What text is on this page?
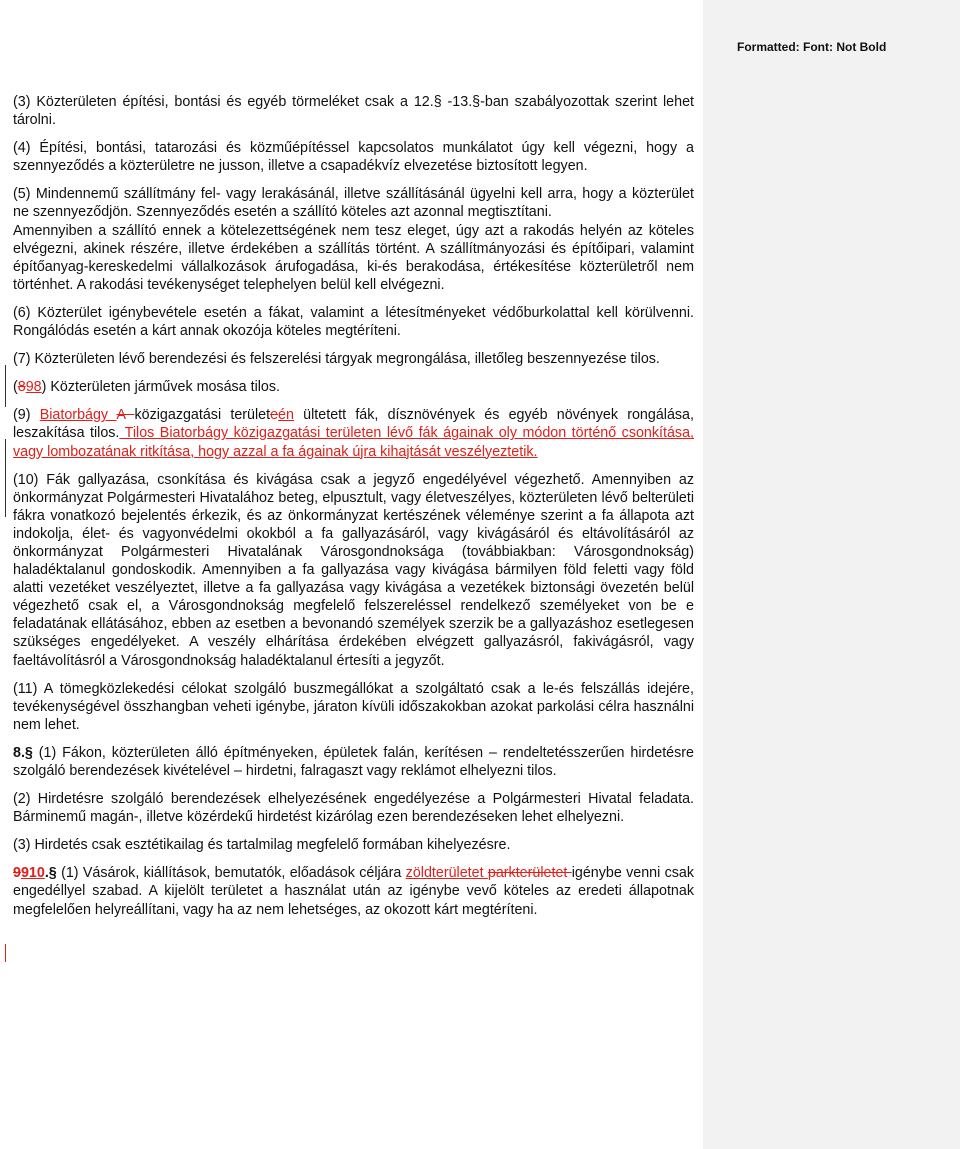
Formatted: Font: Not Bold

(3) Közterületen építési, bontási és egyéb törmeléket csak a 12.§ -13.§-ban szabályozottak szerint lehet tárolni.

(4) Építési, bontási, tatarozási és közműépítéssel kapcsolatos munkálatot úgy kell végezni, hogy a szennyeződés a közterületre ne jusson, illetve a csapadékvíz elvezetése biztosított legyen.

(5) Mindennemű szállítmány fel- vagy lerakásánál, illetve szállításánál ügyelni kell arra, hogy a közterület ne szennyeződjön. Szennyeződés esetén a szállító köteles azt azonnal megtisztítani.

Amennyiben a szállító ennek a kötelezettségének nem tesz eleget, úgy azt a rakodás helyén az köteles elvégezni, akinek részére, illetve érdekében a szállítás történt. A szállítmányozási és építőipari, valamint építőanyag-kereskedelmi vállalkozások árufogadása, ki-és berakodása, értékesítése közterületről nem történhet. A rakodási tevékenységet telephelyen belül kell elvégezni.

(6) Közterület igénybevétele esetén a fákat, valamint a létesítményeket védőburkolattal kell körülvenni. Rongálódás esetén a kárt annak okozója köteles megtéríteni.

(7) Közterületen lévő berendezési és felszerelési tárgyak megrongálása, illetőleg beszennyezése tilos.

(898) Közterületen járművek mosása tilos.

(9) Biatorbágy A közigazgatási területeén ültetett fák, dísznövények és egyéb növények rongálása, leszakítása tilos. Tilos Biatorbágy közigazgatási területen lévő fák ágainak oly módon történő csonkítása, vagy lombozatának ritkítása, hogy azzal a fa ágainak újra kihajtását veszélyeztetik.

(10) Fák gallyazása, csonkítása és kivágása csak a jegyző engedélyével végezhető. Amennyiben az önkormányzat Polgármesteri Hivatalához beteg, elpusztult, vagy életveszélyes, közterületen lévő belterületi fákra vonatkozó bejelentés érkezik, és az önkormányzat kertészének véleménye szerint a fa állapota azt indokolja, élet- és vagyonvédelmi okokból a fa gallyazásáról, vagy kivágásáról és eltávolításáról az önkormányzat Polgármesteri Hivatalának Városgondnoksága (továbbiakban: Városgondnokság) haladéktalanul gondoskodik. Amennyiben a fa gallyazása vagy kivágása bármilyen föld feletti vagy föld alatti vezetéket veszélyeztet, illetve a fa gallyazása vagy kivágása a vezetékek biztonsági övezetén belül végezhető csak el, a Városgondnokság megfelelő felszereléssel rendelkező személyeket von be e feladatának ellátásához, ebben az esetben a bevonandó személyek szerzik be a gallyazáshoz esetlegesen szükséges engedélyeket. A veszély elhárítása érdekében elvégzett gallyazásról, fakivágásról, vagy faeltávolításról a Városgondnokság haladéktalanul értesíti a jegyzőt.

(11) A tömegközlekedési célokat szolgáló buszmegállókat a szolgáltató csak a le-és felszállás idejére, tevékenységével összhangban veheti igénybe, járaton kívüli időszakokban azokat parkolási célra használni nem lehet.

8.§ (1) Fákon, közterületen álló építményeken, épületek falán, kerítésen – rendeltetésszerűen hirdetésre szolgáló berendezések kivételével – hirdetni, falragaszt vagy reklámot elhelyezni tilos.

(2) Hirdetésre szolgáló berendezések elhelyezésének engedélyezése a Polgármesteri Hivatal feladata. Bárminemű magán-, illetve közérdekű hirdetést kizárólag ezen berendezéseken lehet elhelyezni.

(3) Hirdetés csak esztétikailag és tartalmilag megfelelő formában kihelyezésre.

9910.§ (1) Vásárok, kiállítások, bemutatók, előadások céljára zöldterületet parkterületet igénybe venni csak engedéllyel szabad. A kijelölt területet a használat után az igénybe vevő köteles az eredeti állapotnak megfelelően helyreállítani, vagy ha az nem lehetséges, az okozott kárt megtéríteni.
